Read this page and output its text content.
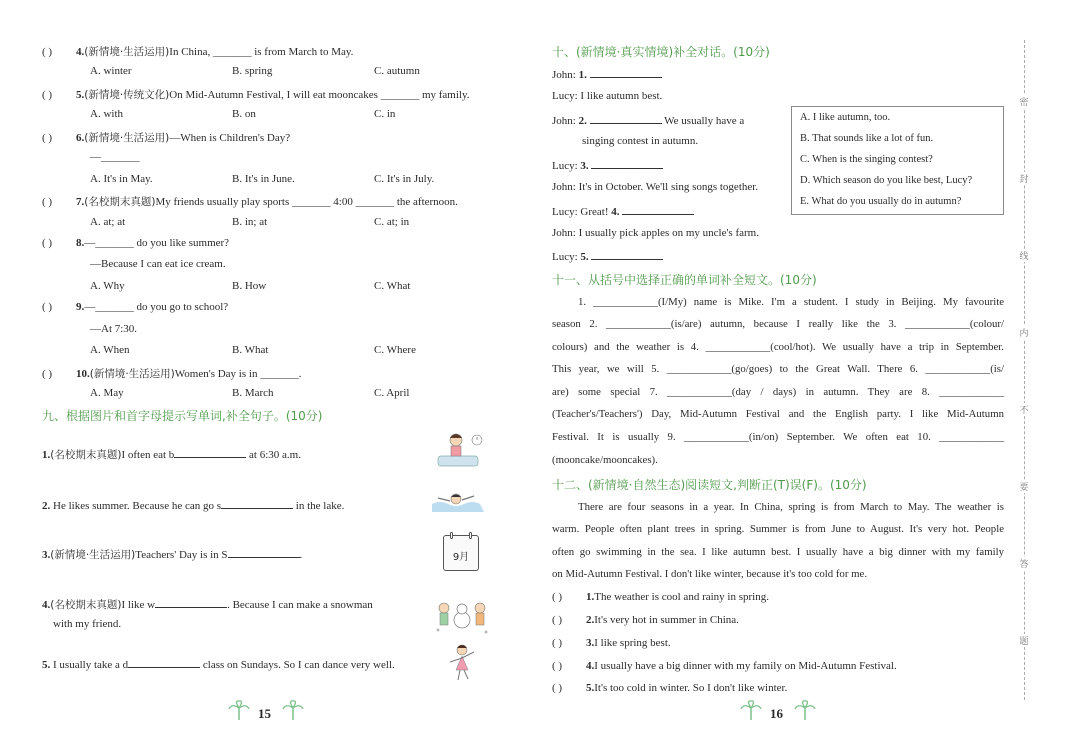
( ) 4.(新情境·生活运用)In China, _______ is from March to May.
A. winter	B. spring	C. autumn
( ) 5.(新情境·传统文化)On Mid-Autumn Festival, I will eat mooncakes _______ my family.
A. with	B. on	C. in
( ) 6.(新情境·生活运用)—When is Children's Day?
—_______
A. It's in May.	B. It's in June.	C. It's in July.
( ) 7.(名校期末真题)My friends usually play sports _______ 4:00 _______ the afternoon.
A. at; at	B. in; at	C. at; in
( ) 8.—_______ do you like summer?
—Because I can eat ice cream.
A. Why	B. How	C. What
( ) 9.—_______ do you go to school?
—At 7:30.
A. When	B. What	C. Where
( ) 10.(新情境·生活运用)Women's Day is in _______.
A. May	B. March	C. April
九、根据图片和首字母提示写单词,补全句子。(10分)
1.(名校期末真题)I often eat b	at 6:30 a.m.
2. He likes summer. Because he can go s	in the lake.
3.(新情境·生活运用)Teachers' Day is in S	.
4.(名校期末真题)I like w	. Because I can make a snowman
with my friend.
5. I usually take a d	class on Sundays. So I can dance very well.
9月
15
十、(新情境·真实情境)补全对话。(10分)
John: 1.
Lucy: I like autumn best.
John: 2.	We usually have a
singing contest in autumn.
Lucy: 3.
John: It's in October. We'll sing songs together.
Lucy: Great! 4.
John: I usually pick apples on my uncle's farm.
Lucy: 5.
A. I like autumn, too.
B. That sounds like a lot of fun.
C. When is the singing contest?
D. Which season do you like best, Lucy?
E. What do you usually do in autumn?
十一、从括号中选择正确的单词补全短文。(10分)
1. ____________(I/My) name is Mike. I'm a student. I study in Beijing. My favourite
season 2. ____________(is/are) autumn, because I really like the 3. ____________(colour/
colours) and the weather is 4. ____________(cool/hot). We usually have a trip in September.
This year, we will 5. ____________(go/goes) to the Great Wall. There 6. ____________(is/
are) some special 7. ____________(day / days) in autumn. They are 8. ____________
(Teacher's/Teachers') Day, Mid-Autumn Festival and the English party. I like Mid-Autumn
Festival. It is usually 9. ____________(in/on) September. We often eat 10. ____________
(mooncake/mooncakes).
十二、(新情境·自然生态)阅读短文,判断正(T)误(F)。(10分)
There are four seasons in a year. In China, spring is from March to May. The weather is
warm. People often plant trees in spring. Summer is from June to August. It's very hot. People
often go swimming in the sea. I like autumn best. I usually have a big dinner with my family
on Mid-Autumn Festival. I don't like winter, because it's too cold for me.
( ) 1.The weather is cool and rainy in spring.
( ) 2.It's very hot in summer in China.
( ) 3.I like spring best.
( ) 4.I usually have a big dinner with my family on Mid-Autumn Festival.
( ) 5.It's too cold in winter. So I don't like winter.
16
密
封
线
内
不
要
答
题
